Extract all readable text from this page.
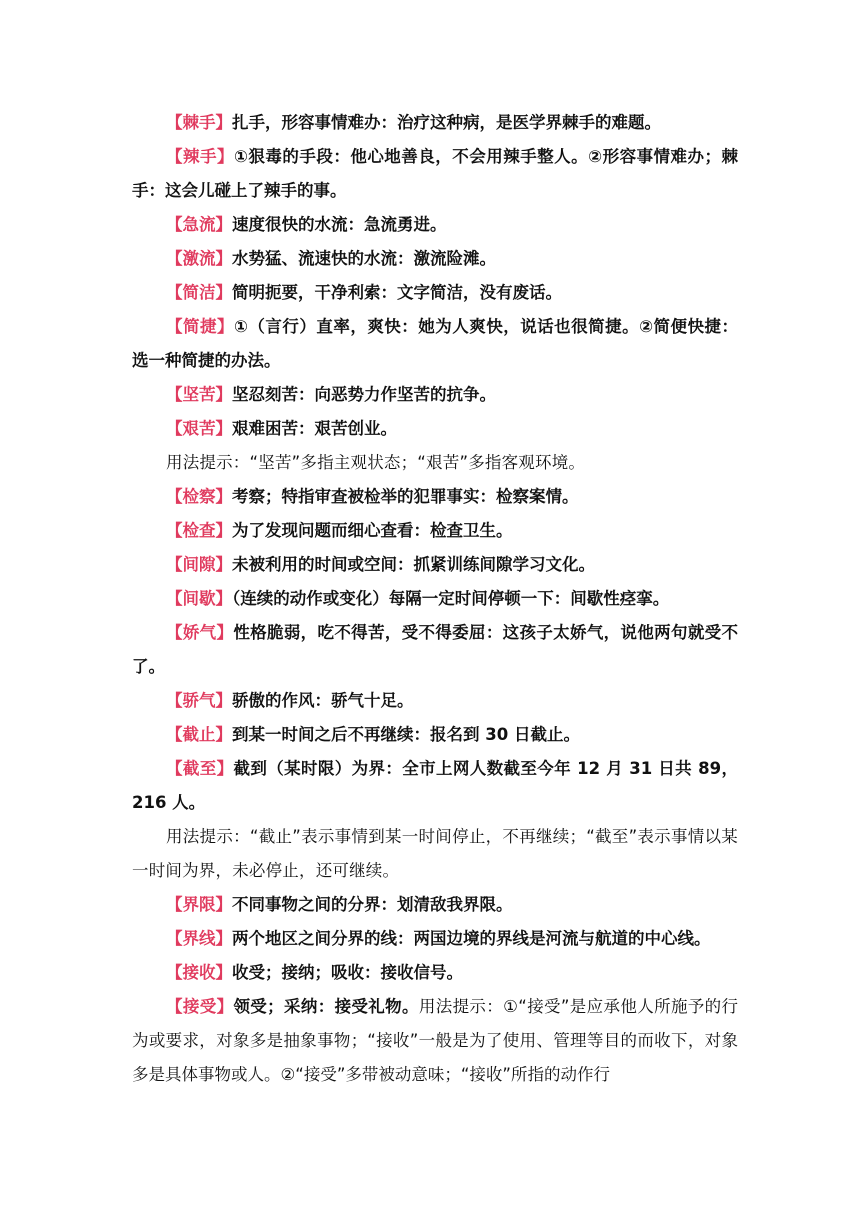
【棘手】扎手，形容事情难办：治疗这种病，是医学界棘手的难题。

【辣手】①狠毒的手段：他心地善良，不会用辣手整人。②形容事情难办；棘手：这会儿碰上了辣手的事。

【急流】速度很快的水流：急流勇进。

【激流】水势猛、流速快的水流：激流险滩。

【简洁】简明扼要，干净利索：文字简洁，没有废话。

【简捷】①（言行）直率，爽快：她为人爽快，说话也很简捷。②简便快捷：选一种简捷的办法。

【坚苦】坚忍刻苦：向恶势力作坚苦的抗争。

【艰苦】艰难困苦：艰苦创业。

用法提示：“坚苦”多指主观状态；“艰苦”多指客观环境。

【检察】考察；特指审查被检举的犯罪事实：检察案情。

【检查】为了发现问题而细心查看：检查卫生。

【间隙】未被利用的时间或空间：抓紧训练间隙学习文化。

【间歇】（连续的动作或变化）每隔一定时间停顿一下：间歇性痉挛。

【娇气】性格脆弱，吃不得苦，受不得委屈：这孩子太娇气，说他两句就受不了。

【骄气】骄傲的作风：骄气十足。

【截止】到某一时间之后不再继续：报名到 30 日截止。

【截至】截到（某时限）为界：全市上网人数截至今年 12 月 31 日共 89，216 人。

用法提示：“截止”表示事情到某一时间停止，不再继续；“截至”表示事情以某一时间为界，未必停止，还可继续。

【界限】不同事物之间的分界：划清敌我界限。

【界线】两个地区之间分界的线：两国边境的界线是河流与航道的中心线。

【接收】收受；接纳；吸收：接收信号。

【接受】领受；采纳：接受礼物。用法提示：①“接受”是应承他人所施予的行为或要求，对象多是抽象事物；“接收”一般是为了使用、管理等目的而收下，对象多是具体事物或人。②“接受”多带被动意味；“接收”所指的动作行
